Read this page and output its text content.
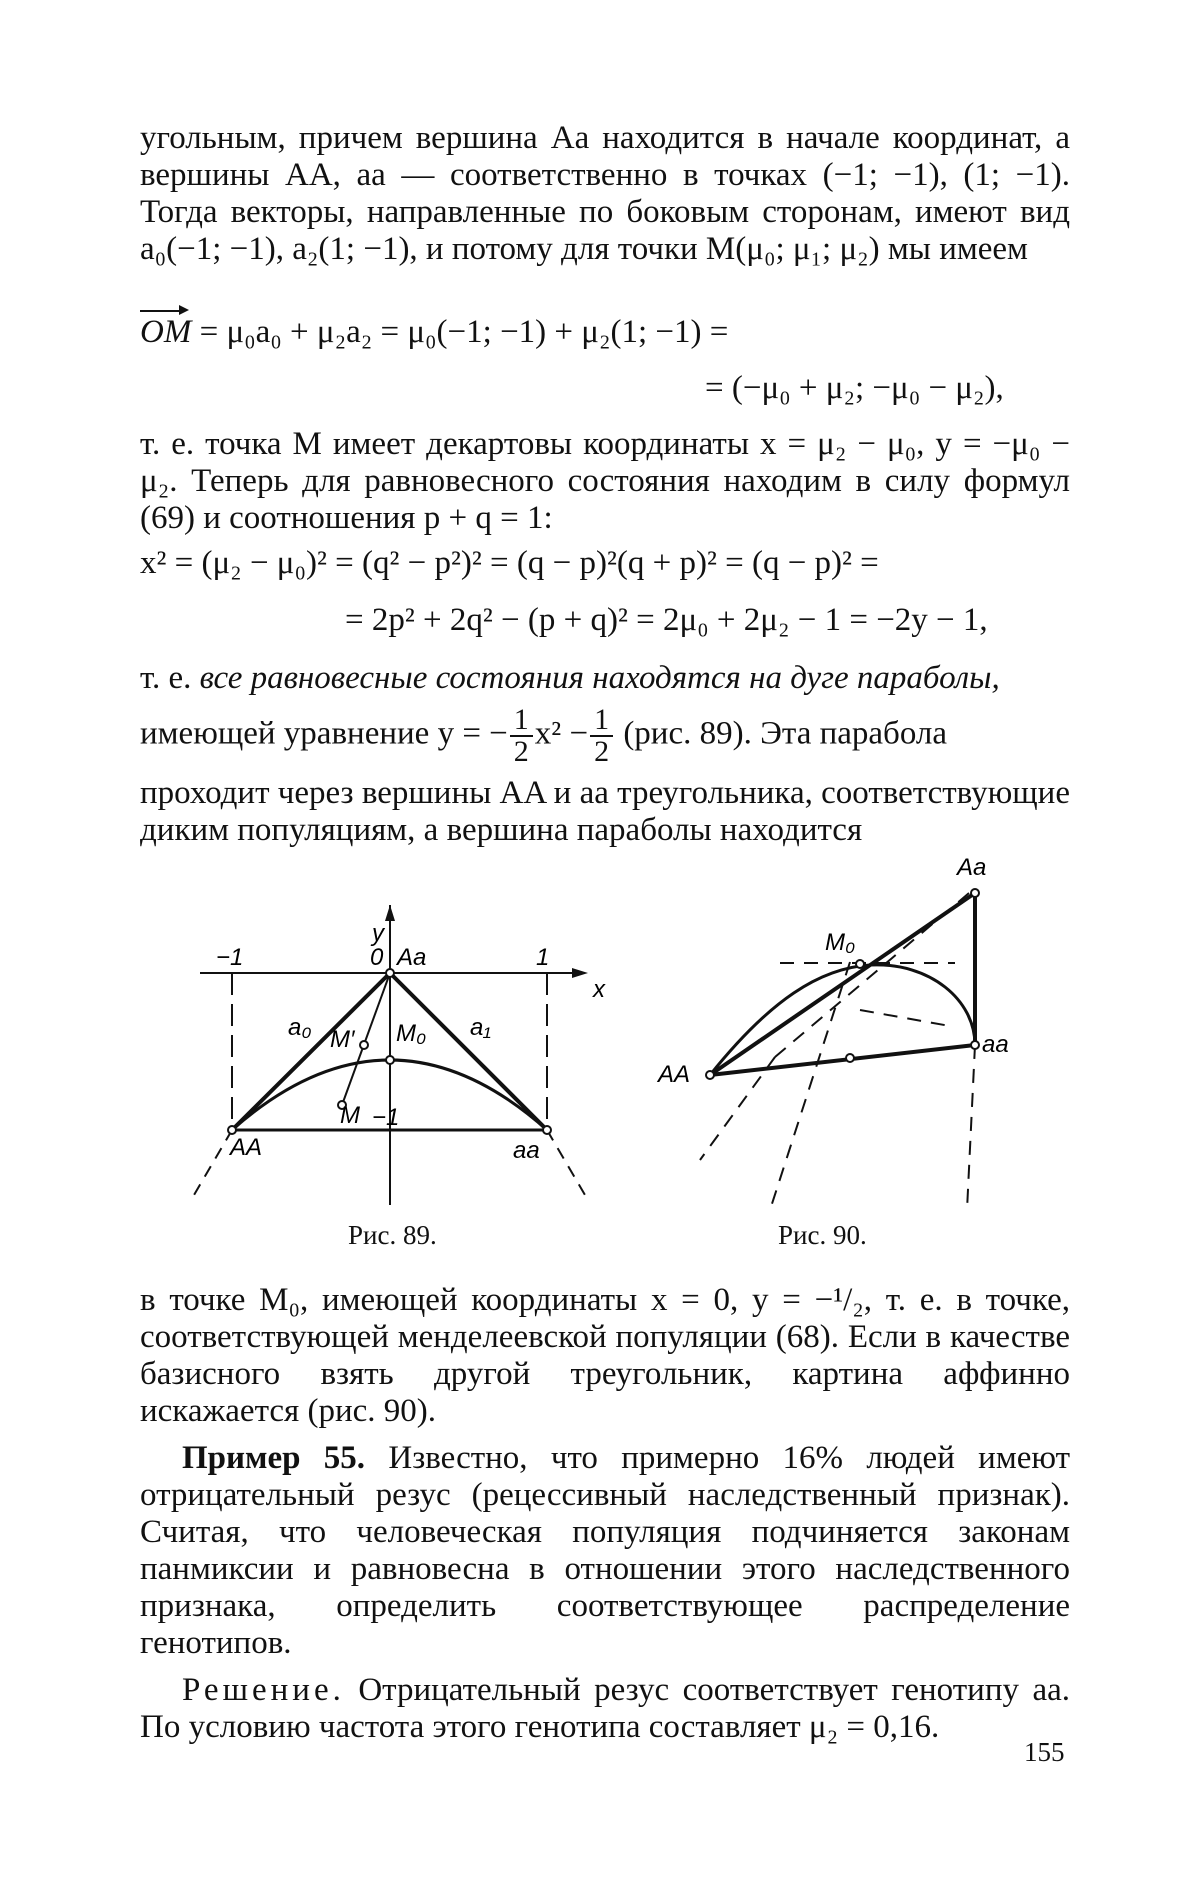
угольным, причем вершина Aa находится в начале координат, а вершины AA, aa — соответственно в точках (−1; −1), (1; −1). Тогда векторы, направленные по боковым сторонам, имеют вид a₀(−1; −1), a₂(1; −1), и потому для точки M(μ₀; μ₁; μ₂) мы имеем

OM = μ₀a₀ + μ₂a₂ = μ₀(−1; −1) + μ₂(1; −1) =
= (−μ₀ + μ₂; −μ₀ − μ₂),

т. е. точка M имеет декартовы координаты x = μ₂ − μ₀, y = −μ₀ − μ₂. Теперь для равновесного состояния находим в силу формул (69) и соотношения p + q = 1:

x² = (μ₂ − μ₀)² = (q² − p²)² = (q − p)²(q + p)² = (q − p)² =
= 2p² + 2q² − (p + q)² = 2μ₀ + 2μ₂ − 1 = −2y − 1,
т. е. все равновесные состояния находятся на дуге параболы,
имеющей уравнение y = − $\frac{1}{2} x^2 - \frac{1}{2} (рис$. 89). Эта парабола

проходит через вершины AA и aa треугольника, соответствующие диким популяциям, а вершина параболы находится

y
x
−1	0	1
Aa
a₀	a₁
M′ M₀
M −1
AA	aa
Рис. 89.
Aa
M₀
aa
AA
Рис. 90.

в точке M₀, имеющей координаты x = 0, y = −¹/₂, т. е. в точке, соответствующей менделеевской популяции (68). Если в качестве базисного взять другой треугольник, картина аффинно искажается (рис. 90).

Пример 55. Известно, что примерно 16% людей имеют отрицательный резус (рецессивный наследственный признак). Считая, что человеческая популяция подчиняется законам панмиксии и равновесна в отношении этого наследственного признака, определить соответствующее распределение генотипов.

Решение. Отрицательный резус соответствует генотипу aa. По условию частота этого генотипа составляет μ₂ = 0,16.

155
